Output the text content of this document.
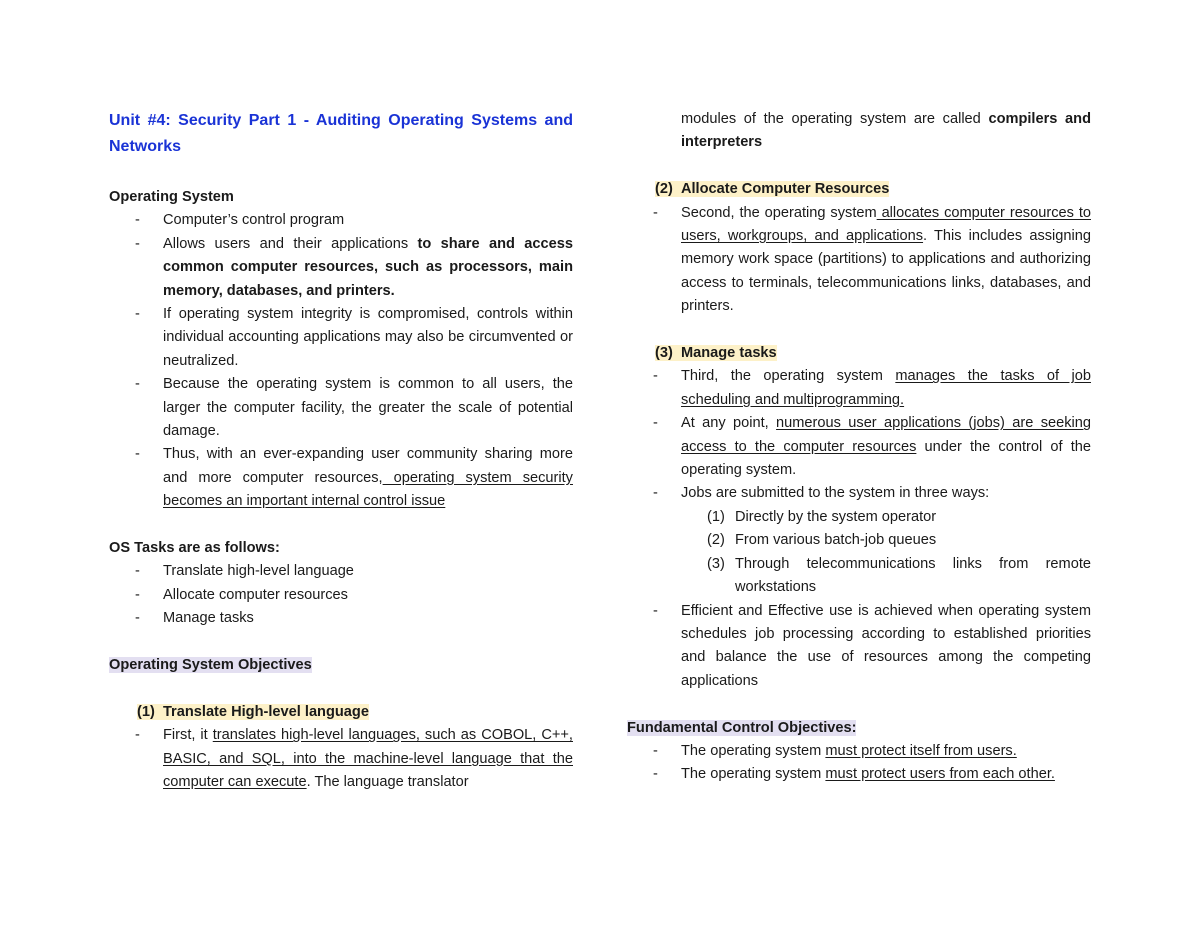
Unit #4: Security Part 1 - Auditing Operating Systems and Networks

Operating System

- Computer’s control program
- Allows users and their applications to share and access common computer resources, such as processors, main memory, databases, and printers.
- If operating system integrity is compromised, controls within individual accounting applications may also be circumvented or neutralized.
- Because the operating system is common to all users, the larger the computer facility, the greater the scale of potential damage.
- Thus, with an ever-expanding user community sharing more and more computer resources, operating system security becomes an important internal control issue

OS Tasks are as follows:

- Translate high-level language
- Allocate computer resources
- Manage tasks

Operating System Objectives

(1) Translate High-level language

- First, it translates high-level languages, such as COBOL, C++, BASIC, and SQL, into the machine-level language that the computer can execute. The language translator
modules of the operating system are called compilers and interpreters

(2) Allocate Computer Resources

- Second, the operating system allocates computer resources to users, workgroups, and applications. This includes assigning memory work space (partitions) to applications and authorizing access to terminals, telecommunications links, databases, and printers.

(3) Manage tasks

- Third, the operating system manages the tasks of job scheduling and multiprogramming.
- At any point, numerous user applications (jobs) are seeking access to the computer resources under the control of the operating system.
- Jobs are submitted to the system in three ways:
(1) Directly by the system operator
(2) From various batch-job queues
(3) Through telecommunications links from remote workstations
- Efficient and Effective use is achieved when operating system schedules job processing according to established priorities and balance the use of resources among the competing applications

Fundamental Control Objectives:

- The operating system must protect itself from users.
- The operating system must protect users from each other.
